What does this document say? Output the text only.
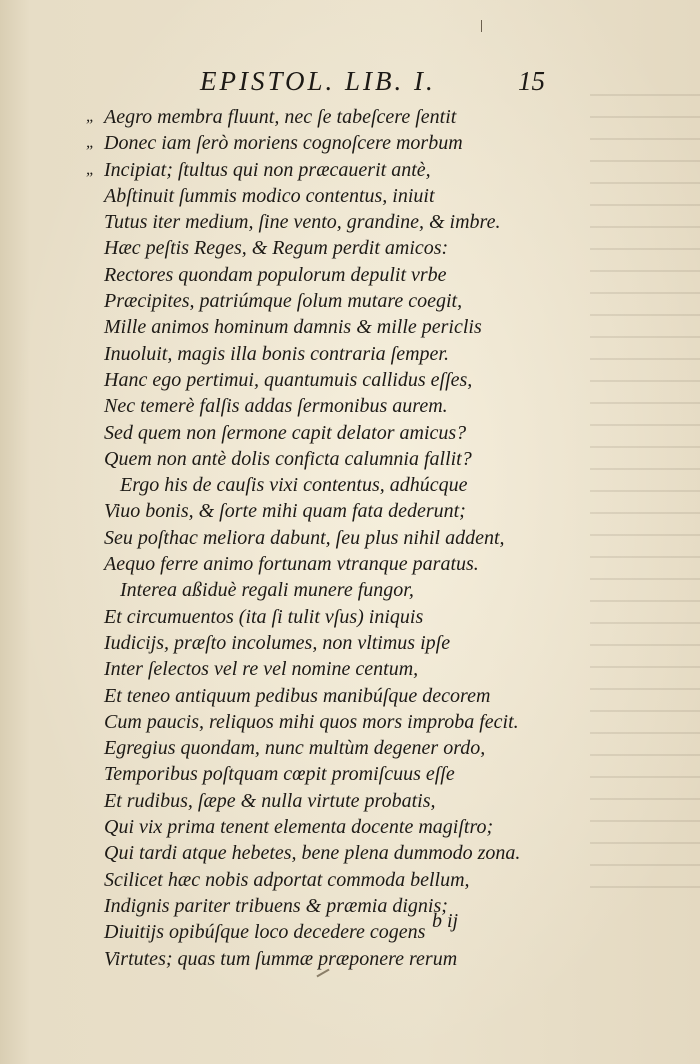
EPISTOL. LIB. I.	15
„ Aegro membra fluunt, nec ſe tabeſcere ſentit
„ Donec iam ſerò moriens cognoſcere morbum
„ Incipiat; ſtultus qui non præcauerit antè,
Abſtinuit ſummis modico contentus, iniuit
Tutus iter medium, ſine vento, grandine, & imbre.
Hæc peſtis Reges, & Regum perdit amicos:
Rectores quondam populorum depulit vrbe
Præcipites, patriúmque ſolum mutare coegit,
Mille animos hominum damnis & mille periclis
Inuoluit, magis illa bonis contraria ſemper.
Hanc ego pertimui, quantumuis callidus eſſes,
Nec temerè falſis addas ſermonibus aurem.
Sed quem non ſermone capit delator amicus?
Quem non antè dolis conficta calumnia fallit?
Ergo his de cauſis vixi contentus, adhúcque
Viuo bonis, & ſorte mihi quam fata dederunt;
Seu poſthac meliora dabunt, ſeu plus nihil addent,
Aequo ferre animo fortunam vtranque paratus.
Interea aßiduè regali munere fungor,
Et circumuentos (ita ſi tulit vſus) iniquis
Iudicijs, præſto incolumes, non vltimus ipſe
Inter ſelectos vel re vel nomine centum,
Et teneo antiquum pedibus manibúſque decorem
Cum paucis, reliquos mihi quos mors improba fecit.
Egregius quondam, nunc multùm degener ordo,
Temporibus poſtquam cœpit promiſcuus eſſe
Et rudibus, ſæpe & nulla virtute probatis,
Qui vix prima tenent elementa docente magiſtro;
Qui tardi atque hebetes, bene plena dummodo zona.
Scilicet hæc nobis adportat commoda bellum,
Indignis pariter tribuens & præmia dignis;
Diuitijs opibúſque loco decedere cogens
Virtutes; quas tum ſummæ præponere rerum
b ij
